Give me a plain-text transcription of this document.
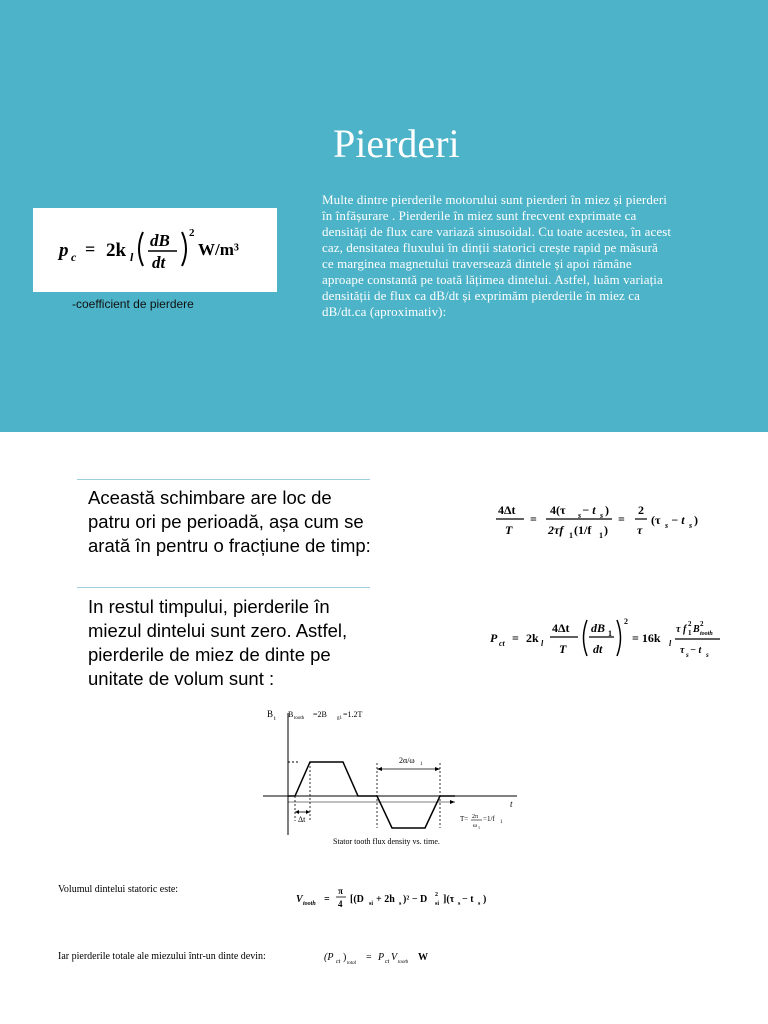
Pierderi
p c = 2k l
dB
dt
2
W/m³
-coefficient de pierdere
Multe dintre pierderile motorului sunt pierderi în miez și pierderi în înfășurare . Pierderile în miez sunt frecvent exprimate ca densități de flux care variază sinusoidal. Cu toate acestea, în acest caz, densitatea fluxului în dinții statorici crește rapid pe măsură ce marginea magnetului traversează dintele și apoi rămâne aproape constantă pe toată lățimea dintelui. Astfel, luăm variația densității de flux ca dB/dt și exprimăm pierderile în miez ca dB/dt.ca (aproximativ):
Această schimbare are loc de patru ori pe perioadă, așa cum se arată în pentru o fracțiune de timp:
In restul timpului, pierderile în miezul dintelui sunt zero. Astfel, pierderile de miez de dinte pe unitate de volum sunt :
4Δt
T
=
4(τ s − t s )
2τf 1 (1/f 1 )
=
2
τ
(τ s − t s )
P ct = 2k l
4Δt
T
dB 1
dt
2
= 16k l
τ f 2
1 B 2
tooth
τ s − t s
B t B tooth =2B g1 =1.2T
t
2α/ω 1
Δt	T= 2π
ω 1
=1/f 1
Stator tooth flux density vs. time.
Volumul dintelui statoric este:
V tooth =
π
4 [(D si + 2h s )² − D 2
si ](τ s − t s )
Iar pierderile totale ale miezului într-un dinte devin:	(P ct )
total
= P ct V tooth W
